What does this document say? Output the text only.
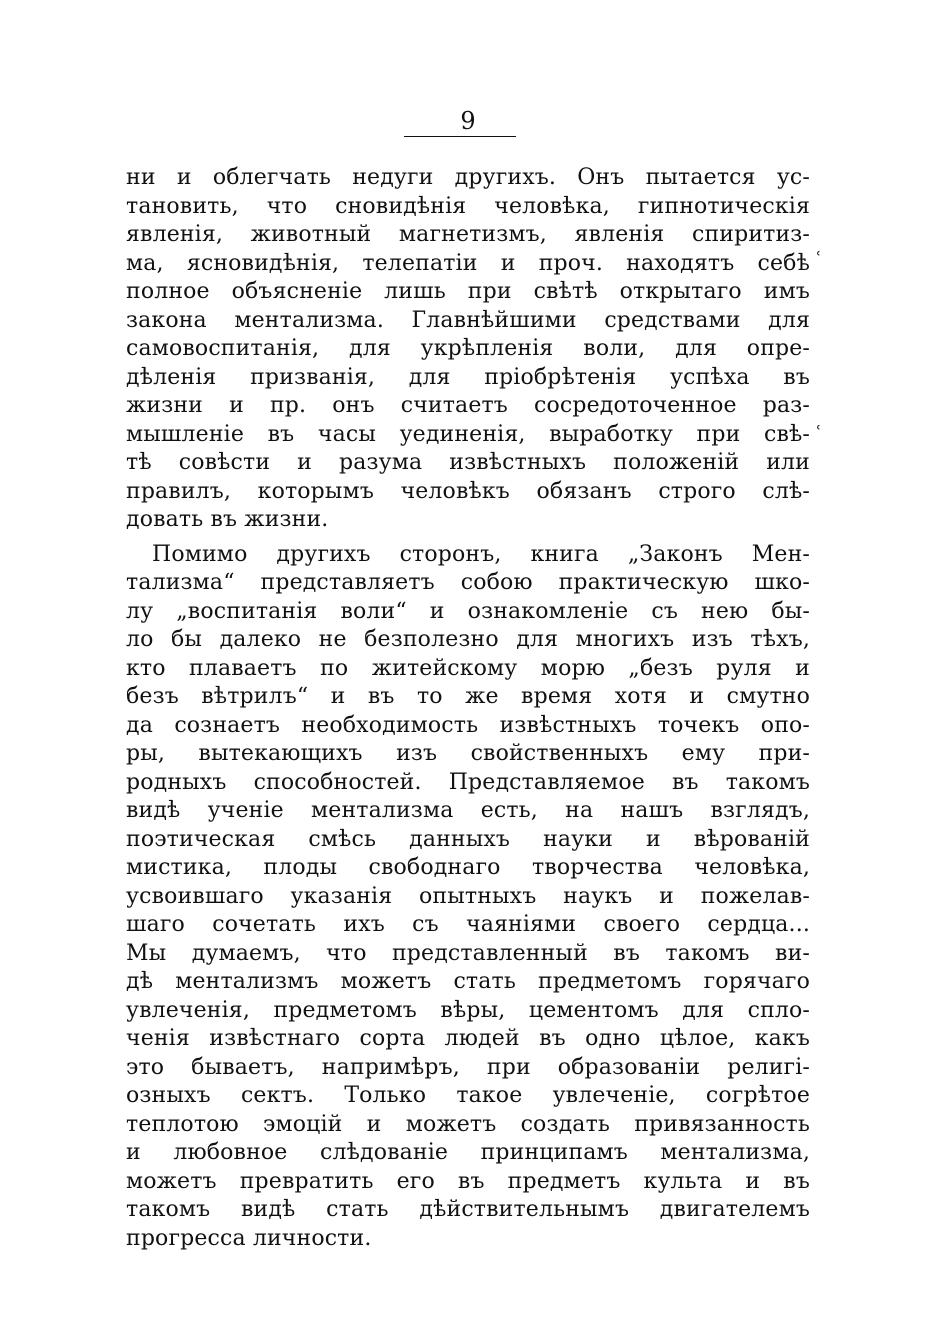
9
˓
˓
ни и облегчать недуги другихъ. Онъ пытается ус-
тановить, что сновидѣнія человѣка, гипнотическія
явленія, животный магнетизмъ, явленія спиритиз-
ма, ясновидѣнія, телепатіи и проч. находятъ себѣ
полное объясненіе лишь при свѣтѣ открытаго имъ
закона ментализма. Главнѣйшими средствами для
самовоспитанія, для укрѣпленія воли, для опре-
дѣленія призванія, для пріобрѣтенія успѣха въ
жизни и пр. онъ считаетъ сосредоточенное раз-
мышленіе въ часы уединенія, выработку при свѣ-
тѣ совѣсти и разума извѣстныхъ положеній или
правилъ, которымъ человѣкъ обязанъ строго слѣ-
довать въ жизни.
Помимо другихъ сторонъ, книга „Законъ Мен-
тализма“ представляетъ собою практическую шко-
лу „воспитанія воли“ и ознакомленіе съ нею бы-
ло бы далеко не безполезно для многихъ изъ тѣхъ,
кто плаваетъ по житейскому морю „безъ руля и
безъ вѣтрилъ“ и въ то же время хотя и смутно
да сознаетъ необходимость извѣстныхъ точекъ опо-
ры, вытекающихъ изъ свойственныхъ ему при-
родныхъ способностей. Представляемое въ такомъ
видѣ ученіе ментализма есть, на нашъ взглядъ,
поэтическая смѣсь данныхъ науки и вѣрованій
мистика, плоды свободнаго творчества человѣка,
усвоившаго указанія опытныхъ наукъ и пожелав-
шаго сочетать ихъ съ чаяніями своего сердца...
Мы думаемъ, что представленный въ такомъ ви-
дѣ ментализмъ можетъ стать предметомъ горячаго
увлеченія, предметомъ вѣры, цементомъ для спло-
ченія извѣстнаго сорта людей въ одно цѣлое, какъ
это бываетъ, напримѣръ, при образованіи религі-
озныхъ сектъ. Только такое увлеченіе, согрѣтое
теплотою эмоцій и можетъ создать привязанность
и любовное слѣдованіе принципамъ ментализма,
можетъ превратить его въ предметъ культа и въ
такомъ видѣ стать дѣйствительнымъ двигателемъ
прогресса личности.
